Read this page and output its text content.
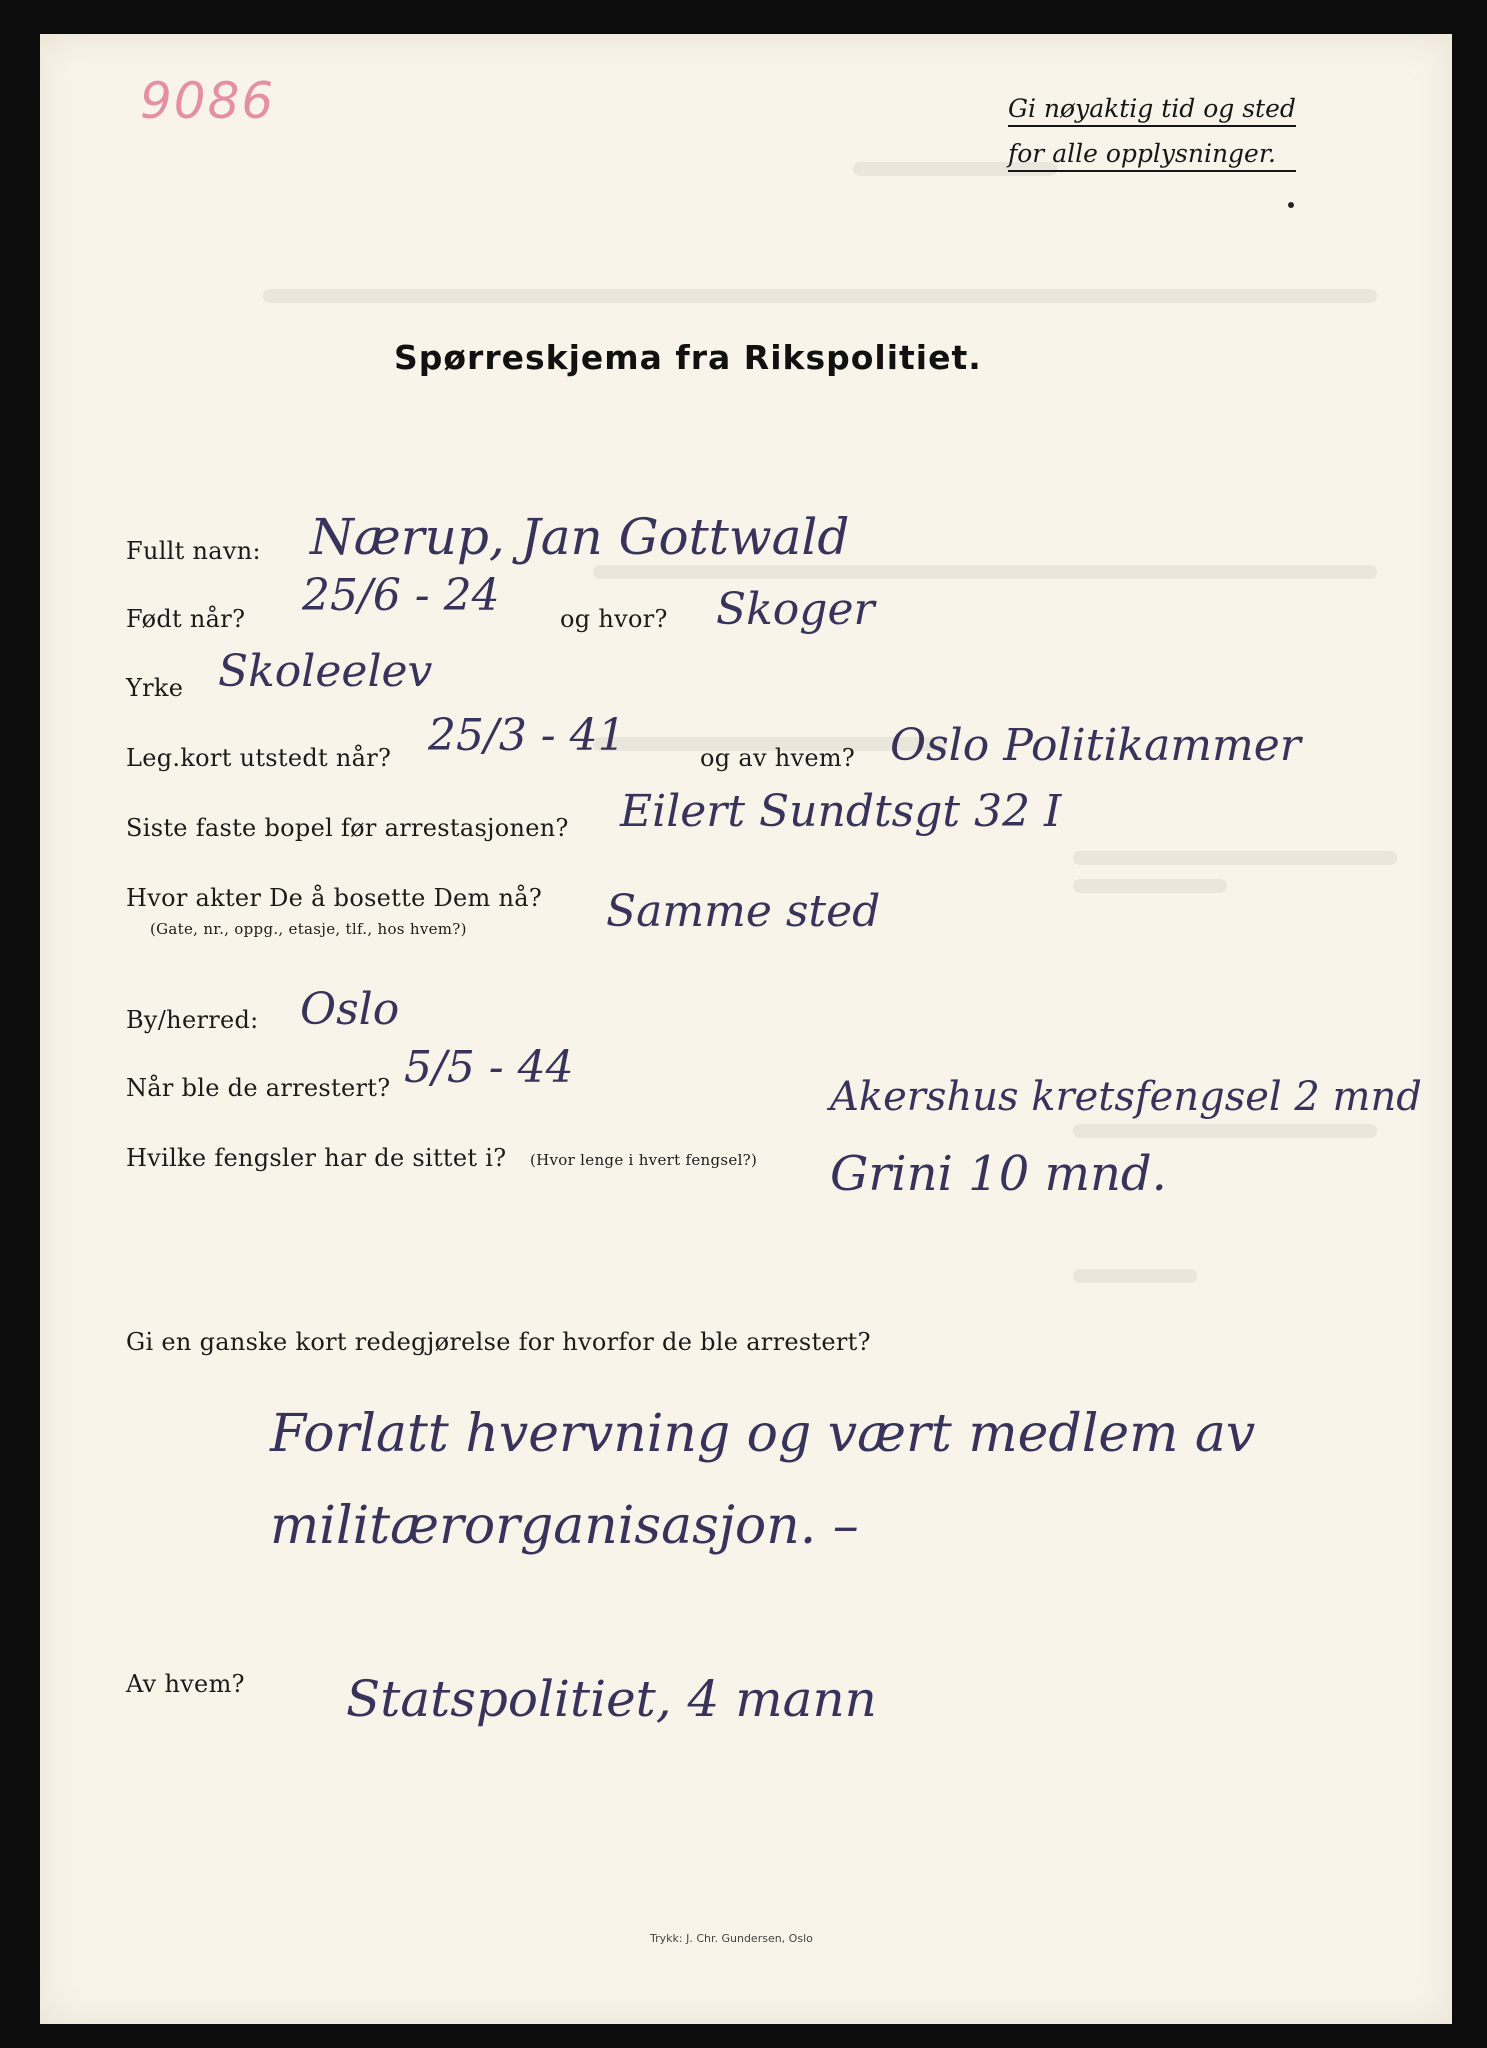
9086	Gi nøyaktig tid og sted
for alle opplysninger.
Spørreskjema fra Rikspolitiet.
Fullt navn: Nærup, Jan Gottwald
Født når? 25/6 - 24	og hvor? Skoger
Yrke Skoleelev
Leg.kort utstedt når? 25/3 - 41	og av hvem? Oslo Politikammer
Siste faste bopel før arrestasjonen? Eilert Sundtsgt 32 I
Hvor akter De å bosette Dem nå?
(Gate, nr., oppg., etasje, tlf., hos hvem?)	Samme sted
By/herred: Oslo
Når ble de arrestert? 5/5 - 44
Hvilke fengsler har de sittet i? (Hvor lenge i hvert fengsel?)
Akershus kretsfengsel 2 mnd
Grini 10 mnd.
Gi en ganske kort redegjørelse for hvorfor de ble arrestert?
Forlatt hvervning og vært medlem av
militærorganisasjon. –
Av hvem? Statspolitiet, 4 mann
Trykk: J. Chr. Gundersen, Oslo
